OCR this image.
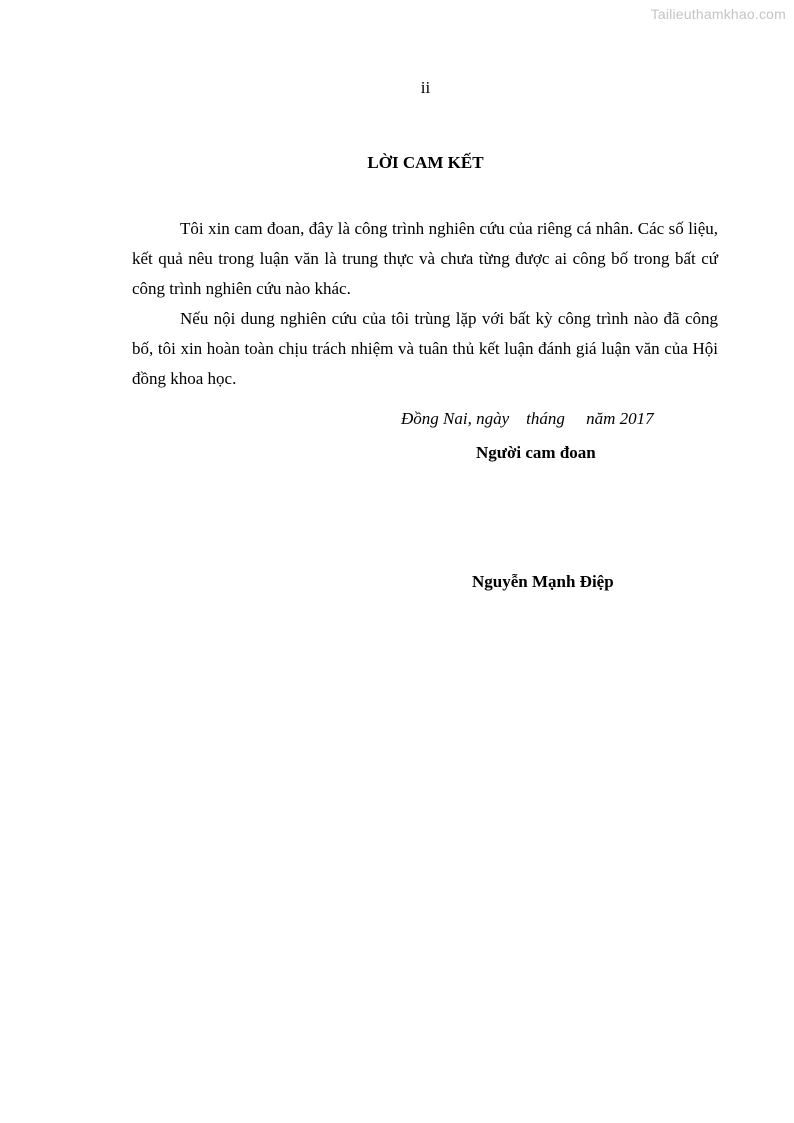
Tailieuthamkhao.com
ii
LỜI CAM KẾT

Tôi xin cam đoan, đây là công trình nghiên cứu của riêng cá nhân. Các số liệu, kết quả nêu trong luận văn là trung thực và chưa từng được ai công bố trong bất cứ công trình nghiên cứu nào khác.

Nếu nội dung nghiên cứu của tôi trùng lặp với bất kỳ công trình nào đã công bố, tôi xin hoàn toàn chịu trách nhiệm và tuân thủ kết luận đánh giá luận văn của Hội đồng khoa học.

Đồng Nai, ngày    tháng     năm 2017
Người cam đoan
Nguyễn Mạnh Điệp
